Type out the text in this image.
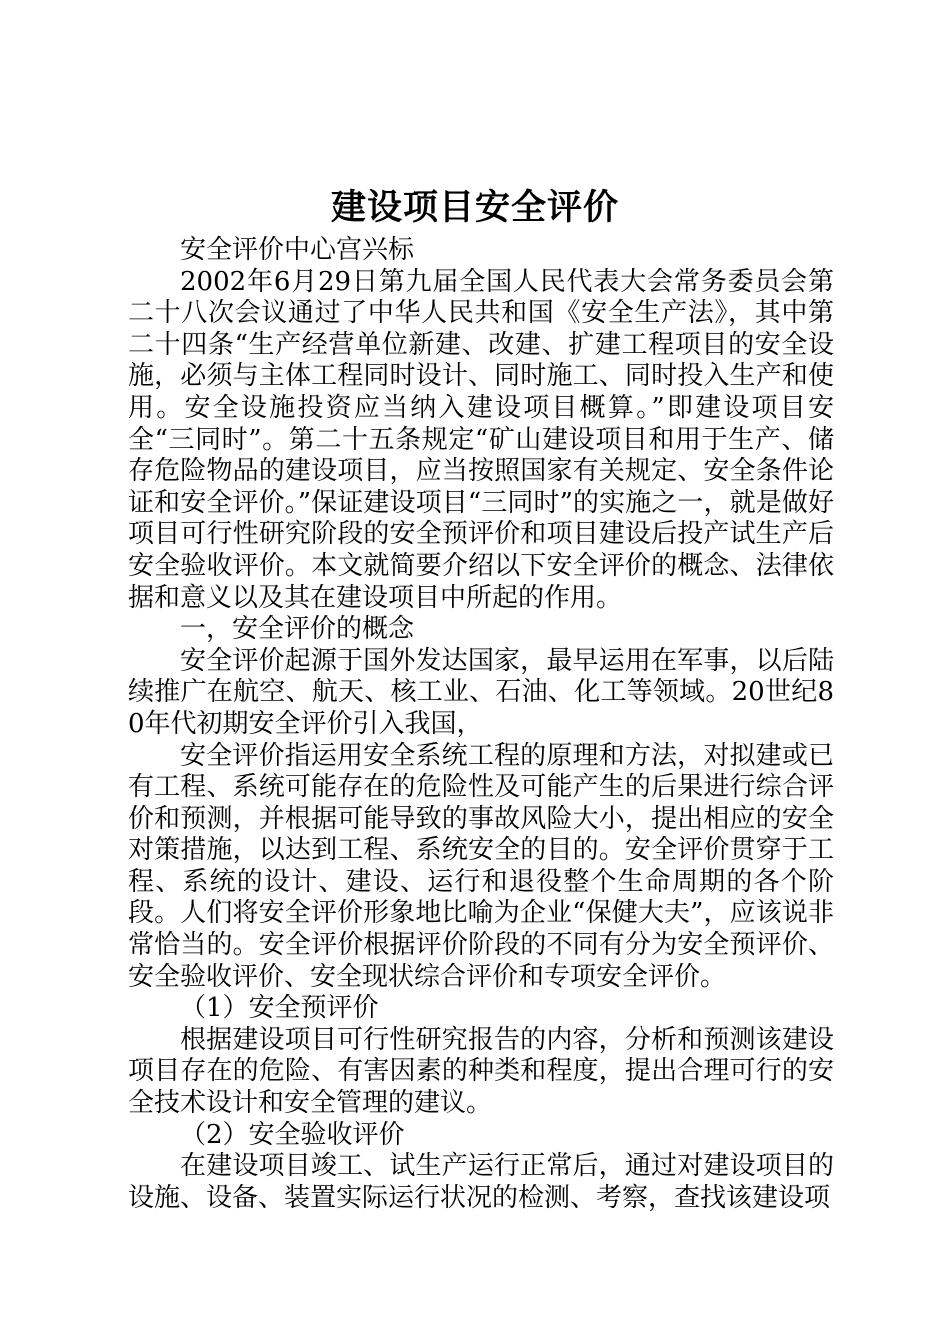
建设项目安全评价

安全评价中心宫兴标

2002年6月29日第九届全国人民代表大会常务委员会第二十八次会议通过了中华人民共和国《安全生产法》，其中第二十四条“生产经营单位新建、改建、扩建工程项目的安全设施，必须与主体工程同时设计、同时施工、同时投入生产和使用。安全设施投资应当纳入建设项目概算。”即建设项目安全“三同时”。第二十五条规定“矿山建设项目和用于生产、储存危险物品的建设项目，应当按照国家有关规定、安全条件论证和安全评价。”保证建设项目“三同时”的实施之一，就是做好项目可行性研究阶段的安全预评价和项目建设后投产试生产后安全验收评价。本文就简要介绍以下安全评价的概念、法律依据和意义以及其在建设项目中所起的作用。

一，安全评价的概念

安全评价起源于国外发达国家，最早运用在军事，以后陆续推广在航空、航天、核工业、石油、化工等领域。20世纪80年代初期安全评价引入我国，

安全评价指运用安全系统工程的原理和方法，对拟建或已有工程、系统可能存在的危险性及可能产生的后果进行综合评价和预测，并根据可能导致的事故风险大小，提出相应的安全对策措施，以达到工程、系统安全的目的。安全评价贯穿于工程、系统的设计、建设、运行和退役整个生命周期的各个阶段。人们将安全评价形象地比喻为企业“保健大夫”，应该说非常恰当的。安全评价根据评价阶段的不同有分为安全预评价、安全验收评价、安全现状综合评价和专项安全评价。

（1）安全预评价

根据建设项目可行性研究报告的内容，分析和预测该建设项目存在的危险、有害因素的种类和程度，提出合理可行的安全技术设计和安全管理的建议。

（2）安全验收评价

在建设项目竣工、试生产运行正常后，通过对建设项目的设施、设备、装置实际运行状况的检测、考察，查找该建设项
